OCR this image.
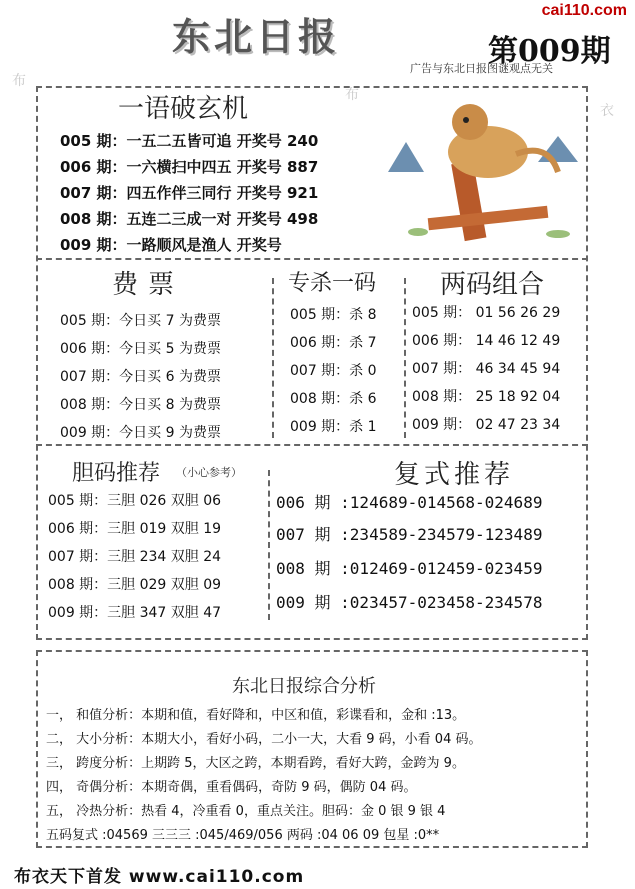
东北日报
cai110.com
第009期
广告与东北日报图谜观点无关
布
布
衣
一语破玄机
005 期：一五二五皆可追 开奖号 240
006 期：一六横扫中四五 开奖号 887
007 期：四五作伴三同行 开奖号 921
008 期：五连二三成一对 开奖号 498
009 期：一路顺风是渔人 开奖号
费票
005 期：今日买 7 为费票
006 期：今日买 5 为费票
007 期：今日买 6 为费票
008 期：今日买 8 为费票
009 期：今日买 9 为费票
专杀一码
005 期：杀 8
006 期：杀 7
007 期：杀 0
008 期：杀 6
009 期：杀 1
两码组合
005 期： 01 56 26 29
006 期： 14 46 12 49
007 期： 46 34 45 94
008 期： 25 18 92 04
009 期： 02 47 23 34
胆码推荐 （小心参考）
005 期：三胆 026 双胆 06
006 期：三胆 019 双胆 19
007 期：三胆 234 双胆 24
008 期：三胆 029 双胆 09
009 期：三胆 347 双胆 47
复式推荐
006 期 :124689-014568-024689
007 期 :234589-234579-123489
008 期 :012469-012459-023459
009 期 :023457-023458-234578
东北日报综合分析
一， 和值分析：本期和值，看好降和，中区和值，彩谍看和，金和 :13。
二， 大小分析：本期大小，看好小码，二小一大，大看 9 码，小看 04 码。
三， 跨度分析：上期跨 5，大区之跨，本期看跨，看好大跨，金跨为 9。
四， 奇偶分析：本期奇偶，重看偶码，奇防 9 码，偶防 04 码。
五， 冷热分析：热看 4，冷重看 0，重点关注。胆码：金 0 银 9 银 4
五码复式 :04569 三三三 :045/469/056 两码 :04 06 09 包星 :0**
布衣天下首发 www.cai110.com
